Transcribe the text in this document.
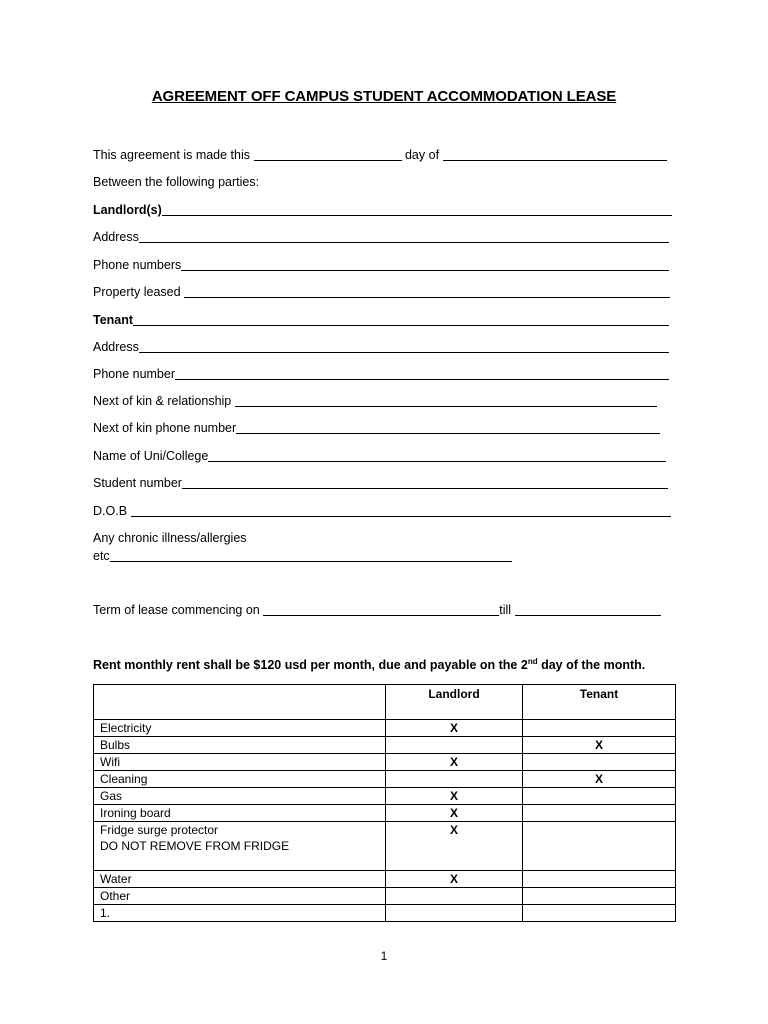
AGREEMENT OFF CAMPUS STUDENT ACCOMMODATION LEASE
This agreement is made this	day of
Between the following parties:
Landlord(s)
Address
Phone numbers
Property leased
Tenant
Address
Phone number
Next of kin & relationship
Next of kin phone number
Name of Uni/College
Student number
D.O.B
Any chronic illness/allergies
etc
Term of lease commencing on	till
Rent monthly rent shall be $120 usd per month, due and payable on the 2nd day of the month.
	Landlord	Tenant
Electricity	X	
Bulbs		X
Wifi	X	
Cleaning		X
Gas	X	
Ironing board	X	

Fridge surge protector
DO NOT REMOVE FROM FRIDGE	X	
Water	X	
Other		
1.		
1
